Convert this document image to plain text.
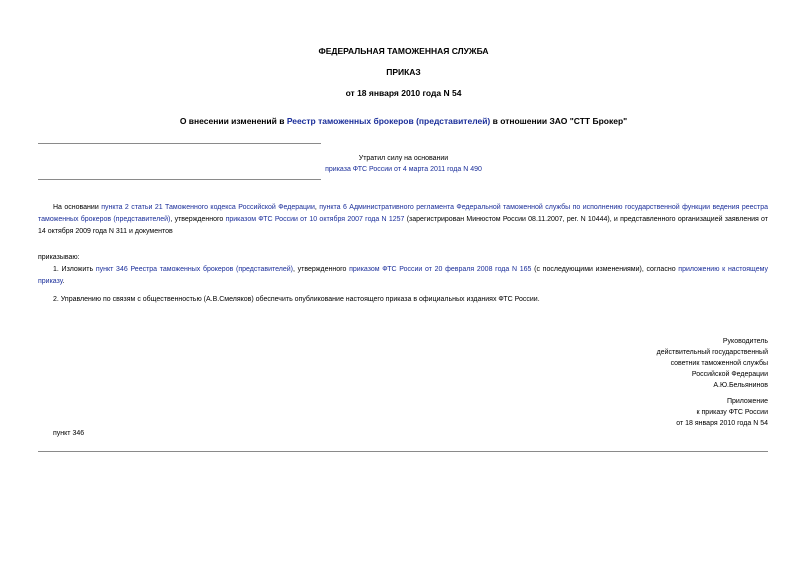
ФЕДЕРАЛЬНАЯ ТАМОЖЕННАЯ СЛУЖБА
ПРИКАЗ
от 18 января 2010 года N 54
О внесении изменений в Реестр таможенных брокеров (представителей) в отношении ЗАО "СТТ Брокер"
Утратил силу на основании
приказа ФТС России от 4 марта 2011 года N 490
На основании пункта 2 статьи 21 Таможенного кодекса Российской Федерации, пункта 6 Административного регламента Федеральной таможенной службы по исполнению государственной функции ведения реестра таможенных брокеров (представителей), утвержденного приказом ФТС России от 10 октября 2007 года N 1257 (зарегистрирован Минюстом России 08.11.2007, рег. N 10444), и представленного организацией заявления от 14 октября 2009 года N 311 и документов
приказываю:
1. Изложить пункт 346 Реестра таможенных брокеров (представителей), утвержденного приказом ФТС России от 20 февраля 2008 года N 165 (с последующими изменениями), согласно приложению к настоящему приказу.
2. Управлению по связям с общественностью (А.В.Смеляков) обеспечить опубликование настоящего приказа в официальных изданиях ФТС России.
Руководитель
действительный государственный
советник таможенной службы
Российской Федерации
А.Ю.Бельянинов
Приложение
к приказу ФТС России
от 18 января 2010 года N 54
пункт 346
